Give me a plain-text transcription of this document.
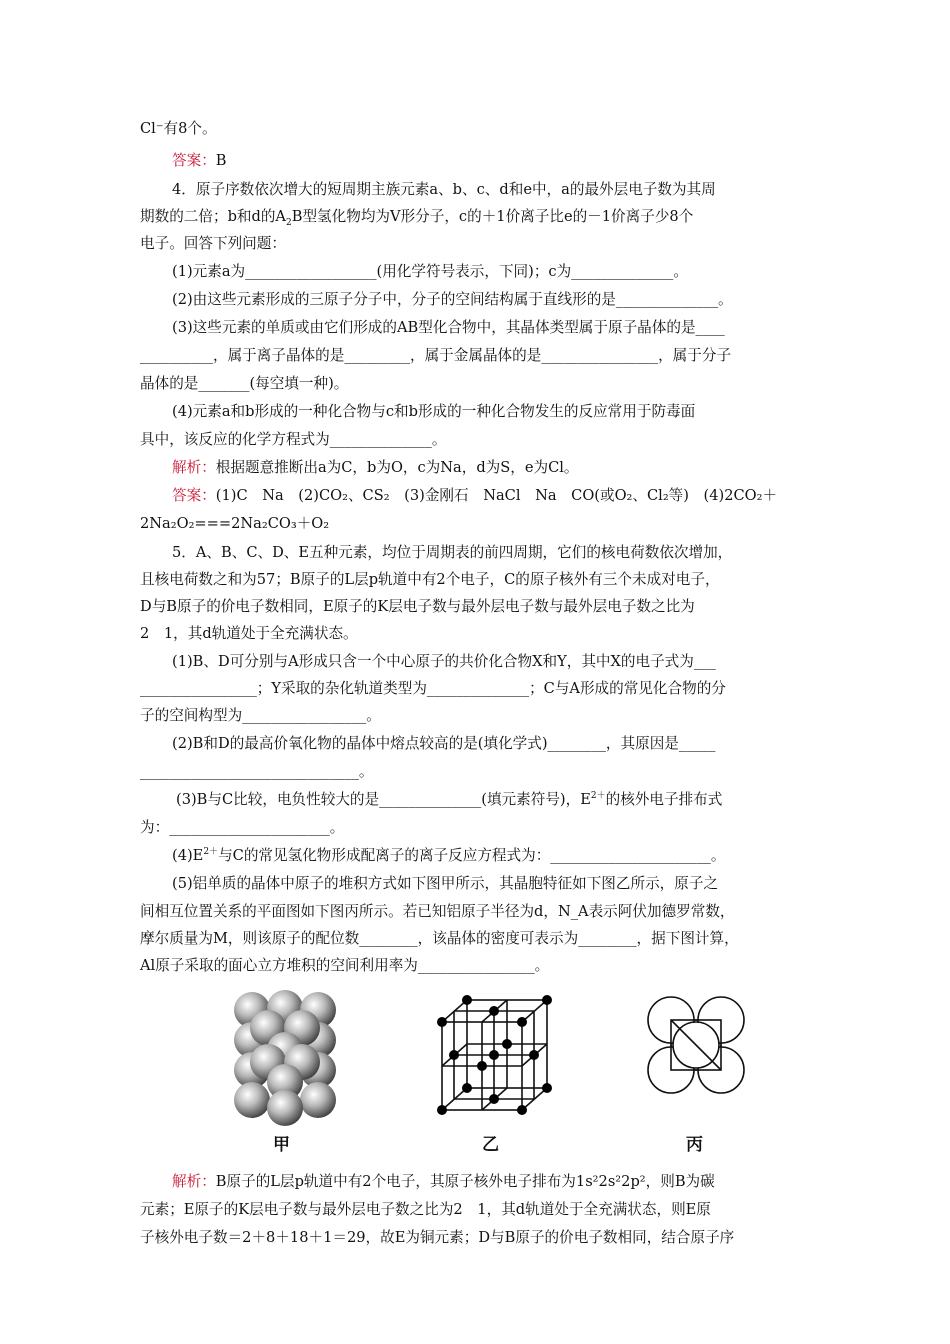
Cl⁻有8个。
答案：B
4．原子序数依次增大的短周期主族元素a、b、c、d和e中，a的最外层电子数为其周
期数的二倍；b和d的$A_2B$型氢化物均为V形分子，c的＋1价离子比e的－1价离子少8个
电子。回答下列问题：
(1)元素a为__________________(用化学符号表示，下同)；c为______________。
(2)由这些元素形成的三原子分子中，分子的空间结构属于直线形的是______________。
(3)这些元素的单质或由它们形成的AB型化合物中，其晶体类型属于原子晶体的是____
__________，属于离子晶体的是_________，属于金属晶体的是________________，属于分子
晶体的是_______(每空填一种)。
(4)元素a和b形成的一种化合物与c和b形成的一种化合物发生的反应常用于防毒面
具中，该反应的化学方程式为______________。
解析：根据题意推断出a为C，b为O，c为Na，d为S，e为Cl。
答案：(1)C　Na　(2)CO₂、CS₂　(3)金刚石　NaCl　Na　CO(或O₂、Cl₂等)　(4)2CO₂＋
2Na₂O₂===2Na₂CO₃＋O₂
5．A、B、C、D、E五种元素，均位于周期表的前四周期，它们的核电荷数依次增加，
且核电荷数之和为57；B原子的L层p轨道中有2个电子，C的原子核外有三个未成对电子，
D与B原子的价电子数相同，E原子的K层电子数与最外层电子数与最外层电子数之比为
2　1，其d轨道处于全充满状态。
(1)B、D可分别与A形成只含一个中心原子的共价化合物X和Y，其中X的电子式为___
________________；Y采取的杂化轨道类型为______________；C与A形成的常见化合物的分
子的空间构型为_________________。
(2)B和D的最高价氧化物的晶体中熔点较高的是(填化学式)________，其原因是_____
______________________________。
(3)B与C比较，电负性较大的是______________(填元素符号)，$E^{2+}$的核外电子排布式
为：______________________。
$(4)E^{2+}$与C的常见氢化物形成配离子的离子反应方程式为：______________________。
(5)铝单质的晶体中原子的堆积方式如下图甲所示，其晶胞特征如下图乙所示，原子之
间相互位置关系的平面图如下图丙所示。若已知铝原子半径为d，N_A表示阿伏加德罗常数，
摩尔质量为M，则该原子的配位数________，该晶体的密度可表示为________，据下图计算，
Al原子采取的面心立方堆积的空间利用率为________________。
甲	乙	丙
解析：B原子的L层p轨道中有2个电子，其原子核外电子排布为1s²2s²2p²，则B为碳
元素；E原子的K层电子数与最外层电子数之比为2　1，其d轨道处于全充满状态，则E原
子核外电子数＝2＋8＋18＋1＝29，故E为铜元素；D与B原子的价电子数相同，结合原子序
